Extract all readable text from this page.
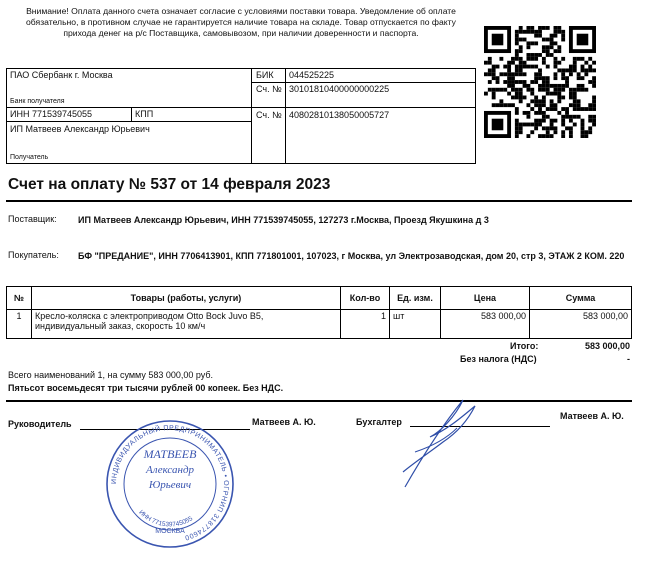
Внимание! Оплата данного счета означает согласие с условиями поставки товара. Уведомление об оплате обязательно, в противном случае не гарантируется наличие товара на складе. Товар отпускается по факту прихода денег на р/с Поставщика, самовывозом, при наличии доверенности и паспорта.
ПАО Сбербанк г. Москва
Банк получателя
БИК 044525225
Сч. № 30101810400000000225
ИНН 771539745055	КПП
ИП Матвеев Александр Юрьевич
Получатель
Сч. № 40802810138050005727
Счет на оплату № 537 от 14 февраля 2023
Поставщик: ИП Матвеев Александр Юрьевич, ИНН 771539745055, 127273 г.Москва, Проезд Якушкина д 3
Покупатель: БФ "ПРЕДАНИЕ", ИНН 7706413901, КПП 771801001, 107023, г Москва, ул Электрозаводская, дом 20, стр 3, ЭТАЖ 2 КОМ. 220
№	Товары (работы, услуги)	Кол-во	Ед. изм.	Цена	Сумма
1	Кресло-коляска с электроприводом Otto Bock Juvo B5, индивидуальный заказ, скорость 10 км/ч	1	шт	583 000,00	583 000,00
Итого:	583 000,00
Без налога (НДС)	-
Всего наименований 1, на сумму 583 000,00 руб.
Пятьсот восемьдесят три тысячи рублей 00 копеек. Без НДС.
Руководитель	Матвеев А. Ю.	Бухгалтер
Матвеев А. Ю.
ИНДИВИДУАЛЬНЫЙ ПРЕДПРИНИМАТЕЛЬ • ОГРНИП 318774600
МАТВЕЕВ
Александр
Юрьевич
ИНН 771539745055
МОСКВА
